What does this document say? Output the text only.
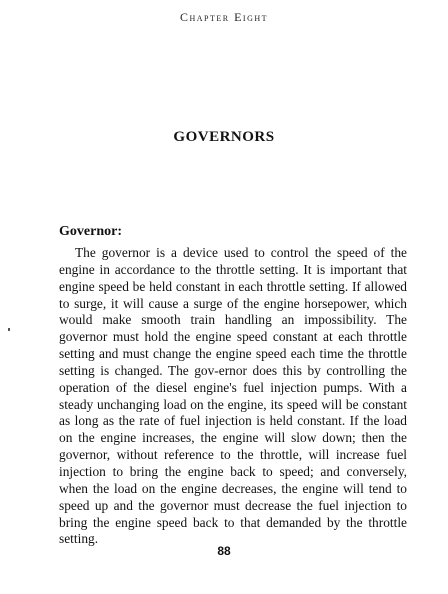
Chapter Eight
GOVERNORS
Governor:

The governor is a device used to control the speed of the engine in accordance to the throttle setting. It is important that engine speed be held constant in each throttle setting. If allowed to surge, it will cause a surge of the engine horsepower, which would make smooth train handling an impossibility. The governor must hold the engine speed constant at each throttle setting and must change the engine speed each time the throttle setting is changed. The gov-ernor does this by controlling the operation of the diesel engine's fuel injection pumps. With a steady unchanging load on the engine, its speed will be constant as long as the rate of fuel injection is held constant. If the load on the engine increases, the engine will slow down; then the governor, without reference to the throttle, will increase fuel injection to bring the engine back to speed; and conversely, when the load on the engine decreases, the engine will tend to speed up and the governor must decrease the fuel injection to bring the engine speed back to that demanded by the throttle setting.

88
